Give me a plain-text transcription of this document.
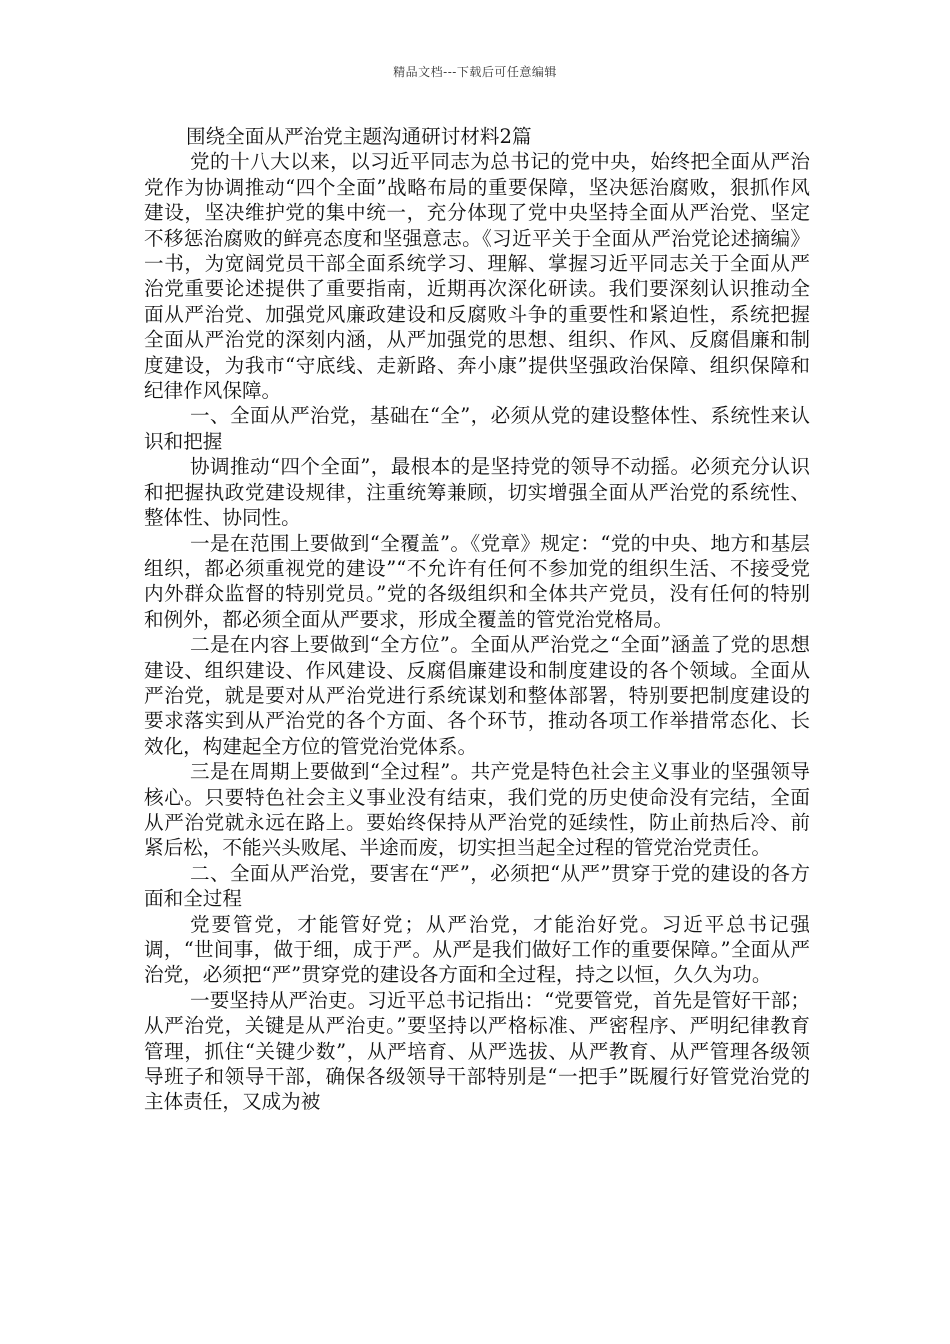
精品文档---下载后可任意编辑
围绕全面从严治党主题沟通研讨材料2篇

党的十八大以来，以习近平同志为总书记的党中央，始终把全面从严治党作为协调推动“四个全面”战略布局的重要保障，坚决惩治腐败，狠抓作风建设，坚决维护党的集中统一，充分体现了党中央坚持全面从严治党、坚定不移惩治腐败的鲜亮态度和坚强意志。《习近平关于全面从严治党论述摘编》一书，为宽阔党员干部全面系统学习、理解、掌握习近平同志关于全面从严治党重要论述提供了重要指南，近期再次深化研读。我们要深刻认识推动全面从严治党、加强党风廉政建设和反腐败斗争的重要性和紧迫性，系统把握全面从严治党的深刻内涵，从严加强党的思想、组织、作风、反腐倡廉和制度建设，为我市“守底线、走新路、奔小康”提供坚强政治保障、组织保障和纪律作风保障。

一、全面从严治党，基础在“全”，必须从党的建设整体性、系统性来认识和把握

协调推动“四个全面”，最根本的是坚持党的领导不动摇。必须充分认识和把握执政党建设规律，注重统筹兼顾，切实增强全面从严治党的系统性、整体性、协同性。

一是在范围上要做到“全覆盖”。《党章》规定：“党的中央、地方和基层组织，都必须重视党的建设”“不允许有任何不参加党的组织生活、不接受党内外群众监督的特别党员。”党的各级组织和全体共产党员，没有任何的特别和例外，都必须全面从严要求，形成全覆盖的管党治党格局。

二是在内容上要做到“全方位”。全面从严治党之“全面”涵盖了党的思想建设、组织建设、作风建设、反腐倡廉建设和制度建设的各个领域。全面从严治党，就是要对从严治党进行系统谋划和整体部署，特别要把制度建设的要求落实到从严治党的各个方面、各个环节，推动各项工作举措常态化、长效化，构建起全方位的管党治党体系。

三是在周期上要做到“全过程”。共产党是特色社会主义事业的坚强领导核心。只要特色社会主义事业没有结束，我们党的历史使命没有完结，全面从严治党就永远在路上。要始终保持从严治党的延续性，防止前热后冷、前紧后松，不能兴头败尾、半途而废，切实担当起全过程的管党治党责任。

二、全面从严治党，要害在“严”，必须把“从严”贯穿于党的建设的各方面和全过程

党要管党，才能管好党；从严治党，才能治好党。习近平总书记强调，“世间事，做于细，成于严。从严是我们做好工作的重要保障。”全面从严治党，必须把“严”贯穿党的建设各方面和全过程，持之以恒，久久为功。

一要坚持从严治吏。习近平总书记指出：“党要管党，首先是管好干部；从严治党，关键是从严治吏。”要坚持以严格标准、严密程序、严明纪律教育管理，抓住“关键少数”，从严培育、从严选拔、从严教育、从严管理各级领导班子和领导干部，确保各级领导干部特别是“一把手”既履行好管党治党的主体责任，又成为被
